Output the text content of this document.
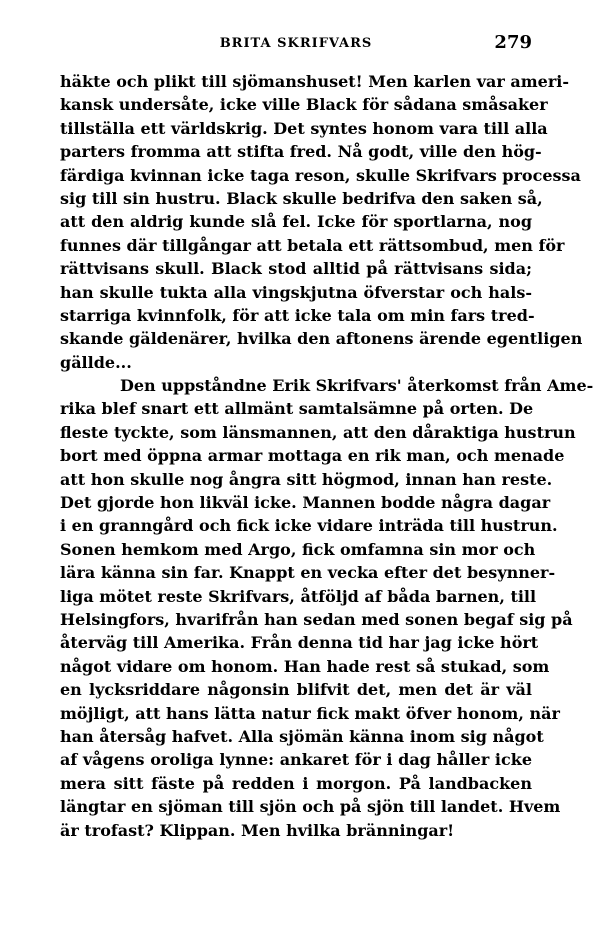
BRITA SKRIFVARS	279
häkte och plikt till sjömanshuset! Men karlen var ameri-
kansk undersåte, icke ville Black för sådana småsaker
tillställa ett världskrig. Det syntes honom vara till alla
parters fromma att stifta fred. Nå godt, ville den hög-
färdiga kvinnan icke taga reson, skulle Skrifvars processa
sig till sin hustru. Black skulle bedrifva den saken så,
att den aldrig kunde slå fel. Icke för sportlarna, nog
funnes där tillgångar att betala ett rättsombud, men för
rättvisans skull. Black stod alltid på rättvisans sida;
han skulle tukta alla vingskjutna öfverstar och hals-
starriga kvinnfolk, för att icke tala om min fars tred-
skande gäldenärer, hvilka den aftonens ärende egentligen
gällde...
Den uppståndne Erik Skrifvars' återkomst från Ame-
rika blef snart ett allmänt samtalsämne på orten. De
fleste tyckte, som länsmannen, att den dåraktiga hustrun
bort med öppna armar mottaga en rik man, och menade
att hon skulle nog ångra sitt högmod, innan han reste.
Det gjorde hon likväl icke. Mannen bodde några dagar
i en granngård och fick icke vidare inträda till hustrun.
Sonen hemkom med Argo, fick omfamna sin mor och
lära känna sin far. Knappt en vecka efter det besynner-
liga mötet reste Skrifvars, åtföljd af båda barnen, till
Helsingfors, hvarifrån han sedan med sonen begaf sig på
återväg till Amerika. Från denna tid har jag icke hört
något vidare om honom. Han hade rest så stukad, som
en lycksriddare någonsin blifvit det, men det är väl
möjligt, att hans lätta natur fick makt öfver honom, när
han återsåg hafvet. Alla sjömän känna inom sig något
af vågens oroliga lynne: ankaret för i dag håller icke
mera sitt fäste på redden i morgon. På landbacken
längtar en sjöman till sjön och på sjön till landet. Hvem
är trofast? Klippan. Men hvilka bränningar!
